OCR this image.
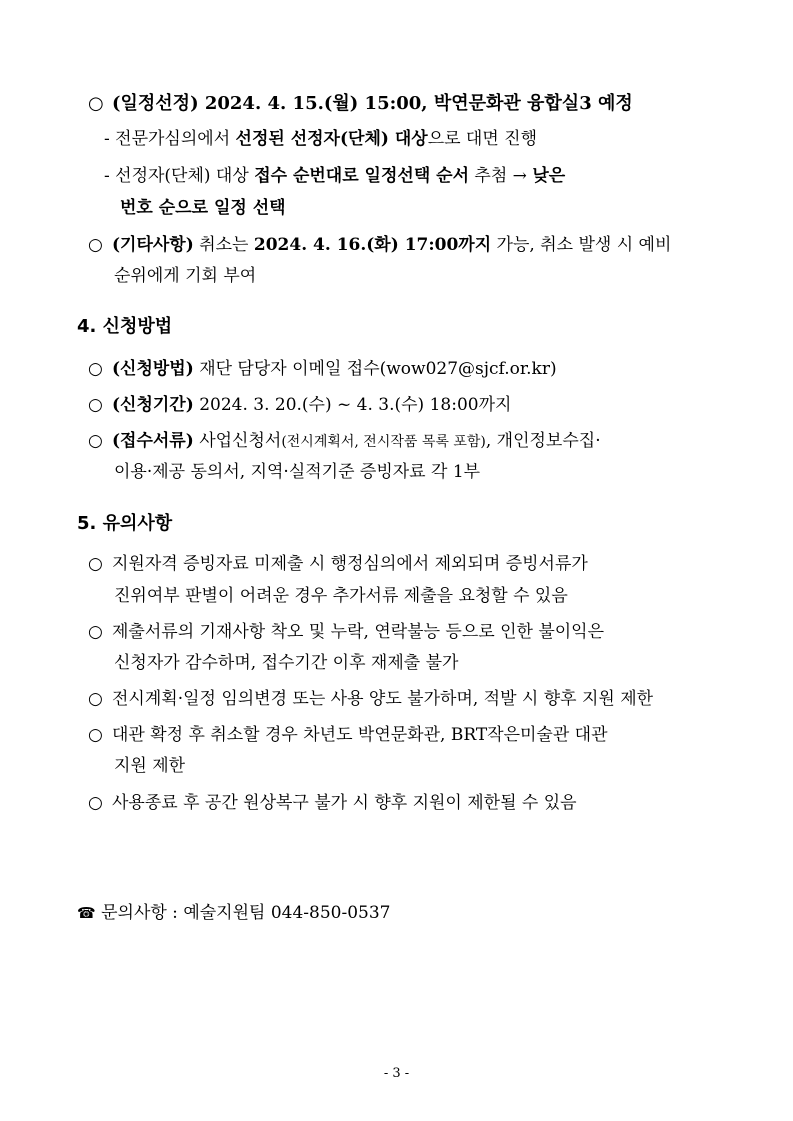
○ (일정선정) 2024. 4. 15.(월) 15:00, 박연문화관 융합실3 예정
- 전문가심의에서 선정된 선정자(단체) 대상으로 대면 진행
- 선정자(단체) 대상 접수 순번대로 일정선택 순서 추첨 → 낮은
번호 순으로 일정 선택
○ (기타사항) 취소는 2024. 4. 16.(화) 17:00까지 가능, 취소 발생 시 예비
순위에게 기회 부여
4. 신청방법
○ (신청방법) 재단 담당자 이메일 접수(wow027@sjcf.or.kr)
○ (신청기간) 2024. 3. 20.(수) ~ 4. 3.(수) 18:00까지
○ (접수서류) 사업신청서(전시계획서, 전시작품 목록 포함), 개인정보수집·
이용·제공 동의서, 지역·실적기준 증빙자료 각 1부
5. 유의사항
○ 지원자격 증빙자료 미제출 시 행정심의에서 제외되며 증빙서류가
진위여부 판별이 어려운 경우 추가서류 제출을 요청할 수 있음
○ 제출서류의 기재사항 착오 및 누락, 연락불능 등으로 인한 불이익은
신청자가 감수하며, 접수기간 이후 재제출 불가
○ 전시계획·일정 임의변경 또는 사용 양도 불가하며, 적발 시 향후 지원 제한
○ 대관 확정 후 취소할 경우 차년도 박연문화관, BRT작은미술관 대관
지원 제한
○ 사용종료 후 공간 원상복구 불가 시 향후 지원이 제한될 수 있음
☎ 문의사항 : 예술지원팀 044-850-0537
- 3 -
